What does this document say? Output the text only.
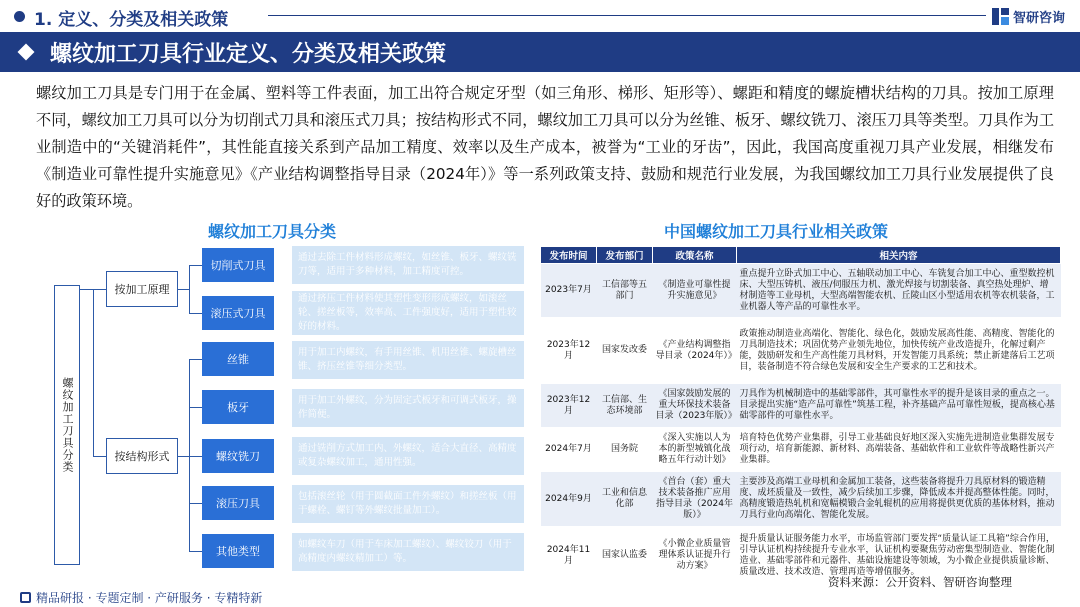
1. 定义、分类及相关政策	智研咨询
螺纹加工刀具行业定义、分类及相关政策

螺纹加工刀具是专门用于在金属、塑料等工件表面，加工出符合规定牙型（如三角形、梯形、矩形等）、螺距和精度的螺旋槽状结构的刀具。按加工原理不同，螺纹加工刀具可以分为切削式刀具和滚压式刀具；按结构形式不同，螺纹加工刀具可以分为丝锥、板牙、螺纹铣刀、滚压刀具等类型。刀具作为工业制造中的“关键消耗件”，其性能直接关系到产品加工精度、效率以及生产成本，被誉为“工业的牙齿”，因此，我国高度重视刀具产业发展，相继发布《制造业可靠性提升实施意见》《产业结构调整指导目录（2024年）》等一系列政策支持、鼓励和规范行业发展，为我国螺纹加工刀具行业发展提供了良好的政策环境。

螺纹加工刀具分类	中国螺纹加工刀具行业相关政策
螺纹加工刀具分类
按加工原理
按结构形式
切削式刀具
滚压式刀具
丝锥
板牙
螺纹铣刀
滚压刀具
其他类型
通过去除工件材料形成螺纹，如丝锥、板牙、螺纹铣刀等，适用于多种材料，加工精度可控。
通过挤压工件材料使其塑性变形形成螺纹，如滚丝轮、搓丝板等，效率高、工件强度好，适用于塑性较好的材料。
用于加工内螺纹，有手用丝锥、机用丝锥、螺旋槽丝锥、挤压丝锥等细分类型。
用于加工外螺纹，分为固定式板牙和可调式板牙，操作简便。
通过铣削方式加工内、外螺纹，适合大直径、高精度或复杂螺纹加工，通用性强。
包括滚丝轮（用于圆截面工件外螺纹）和搓丝板（用于螺栓、螺钉等外螺纹批量加工）。
如螺纹车刀（用于车床加工螺纹）、螺纹铰刀（用于高精度内螺纹精加工）等。
发布时间	发布部门	政策名称	相关内容
2023年7月	工信部等五部门	《制造业可靠性提升实施意见》	重点提升立卧式加工中心、五轴联动加工中心、车铣复合加工中心、重型数控机床、大型压铸机、液压/伺服压力机、激光焊接与切割装备、真空热处理炉、增材制造等工业母机，大型高端智能农机、丘陵山区小型适用农机等农机装备，工业机器人等产品的可靠性水平。
2023年12月	国家发改委	《产业结构调整指导目录（2024年）》	政策推动制造业高端化、智能化、绿色化，鼓励发展高性能、高精度、智能化的刀具制造技术；巩固优势产业领先地位，加快传统产业改造提升，化解过剩产能，鼓励研发和生产高性能刀具材料，开发智能刀具系统；禁止新建落后工艺项目，装备制造不符合绿色发展和安全生产要求的工艺和技术。
2023年12月	工信部、生态环境部	《国家鼓励发展的重大环保技术装备目录（2023年版）》	刀具作为机械制造中的基础零部件，其可靠性水平的提升是该目录的重点之一。目录提出实施“造产品可靠性”筑基工程，补齐基础产品可靠性短板，提高核心基础零部件的可靠性水平。
2024年7月	国务院	《深入实施以人为本的新型城镇化战略五年行动计划》	培育特色优势产业集群，引导工业基础良好地区深入实施先进制造业集群发展专项行动，培育新能源、新材料、高端装备、基础软件和工业软件等战略性新兴产业集群。
2024年9月	工业和信息化部	《首台（套）重大技术装备推广应用指导目录（2024年版）》	主要涉及高端工业母机和金属加工装备，这些装备将提升刀具原材料的锻造精度、成坯质量及一致性，减少后续加工步骤，降低成本并提高整体性能。同时，高精度锻造热轧机和宽幅模锻合金轧辊机的应用将提供更优质的基体材料，推动刀具行业向高端化、智能化发展。
2024年11月	国家认监委	《小微企业质量管理体系认证提升行动方案》	提升质量认证服务能力水平，市场监管部门要发挥“质量认证工具箱”综合作用，引导认证机构持续提升专业水平，认证机构要聚焦劳动密集型制造业、智能化制造业、基础零部件和元器件、基础设施建设等领域，为小微企业提供质量诊断、质量改进、技术改造、管理再造等增值服务。
资料来源：公开资料、智研咨询整理
精品研报 · 专题定制 · 产研服务 · 专精特新
